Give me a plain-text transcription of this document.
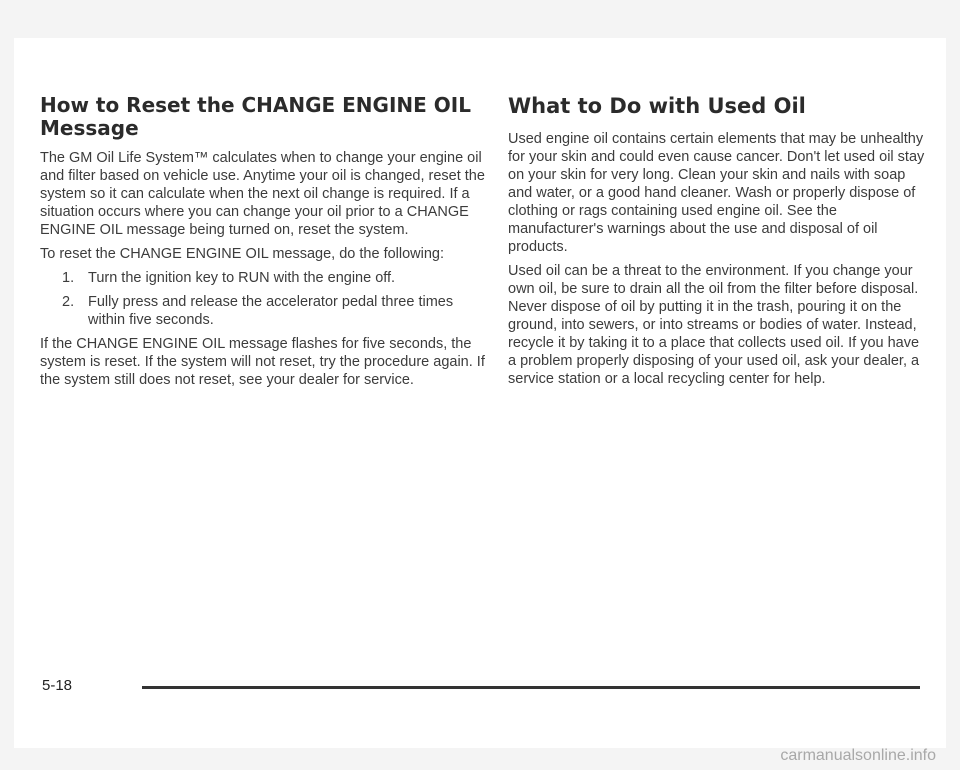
How to Reset the CHANGE ENGINE OIL Message

The GM Oil Life System™ calculates when to change your engine oil and filter based on vehicle use. Anytime your oil is changed, reset the system so it can calculate when the next oil change is required. If a situation occurs where you can change your oil prior to a CHANGE ENGINE OIL message being turned on, reset the system.

To reset the CHANGE ENGINE OIL message, do the following:

1. Turn the ignition key to RUN with the engine off.
2. Fully press and release the accelerator pedal three times within five seconds.

If the CHANGE ENGINE OIL message flashes for five seconds, the system is reset. If the system will not reset, try the procedure again. If the system still does not reset, see your dealer for service.

What to Do with Used Oil

Used engine oil contains certain elements that may be unhealthy for your skin and could even cause cancer. Don't let used oil stay on your skin for very long. Clean your skin and nails with soap and water, or a good hand cleaner. Wash or properly dispose of clothing or rags containing used engine oil. See the manufacturer's warnings about the use and disposal of oil products.

Used oil can be a threat to the environment. If you change your own oil, be sure to drain all the oil from the filter before disposal. Never dispose of oil by putting it in the trash, pouring it on the ground, into sewers, or into streams or bodies of water. Instead, recycle it by taking it to a place that collects used oil. If you have a problem properly disposing of your used oil, ask your dealer, a service station or a local recycling center for help.

5-18
carmanualsonline.info
